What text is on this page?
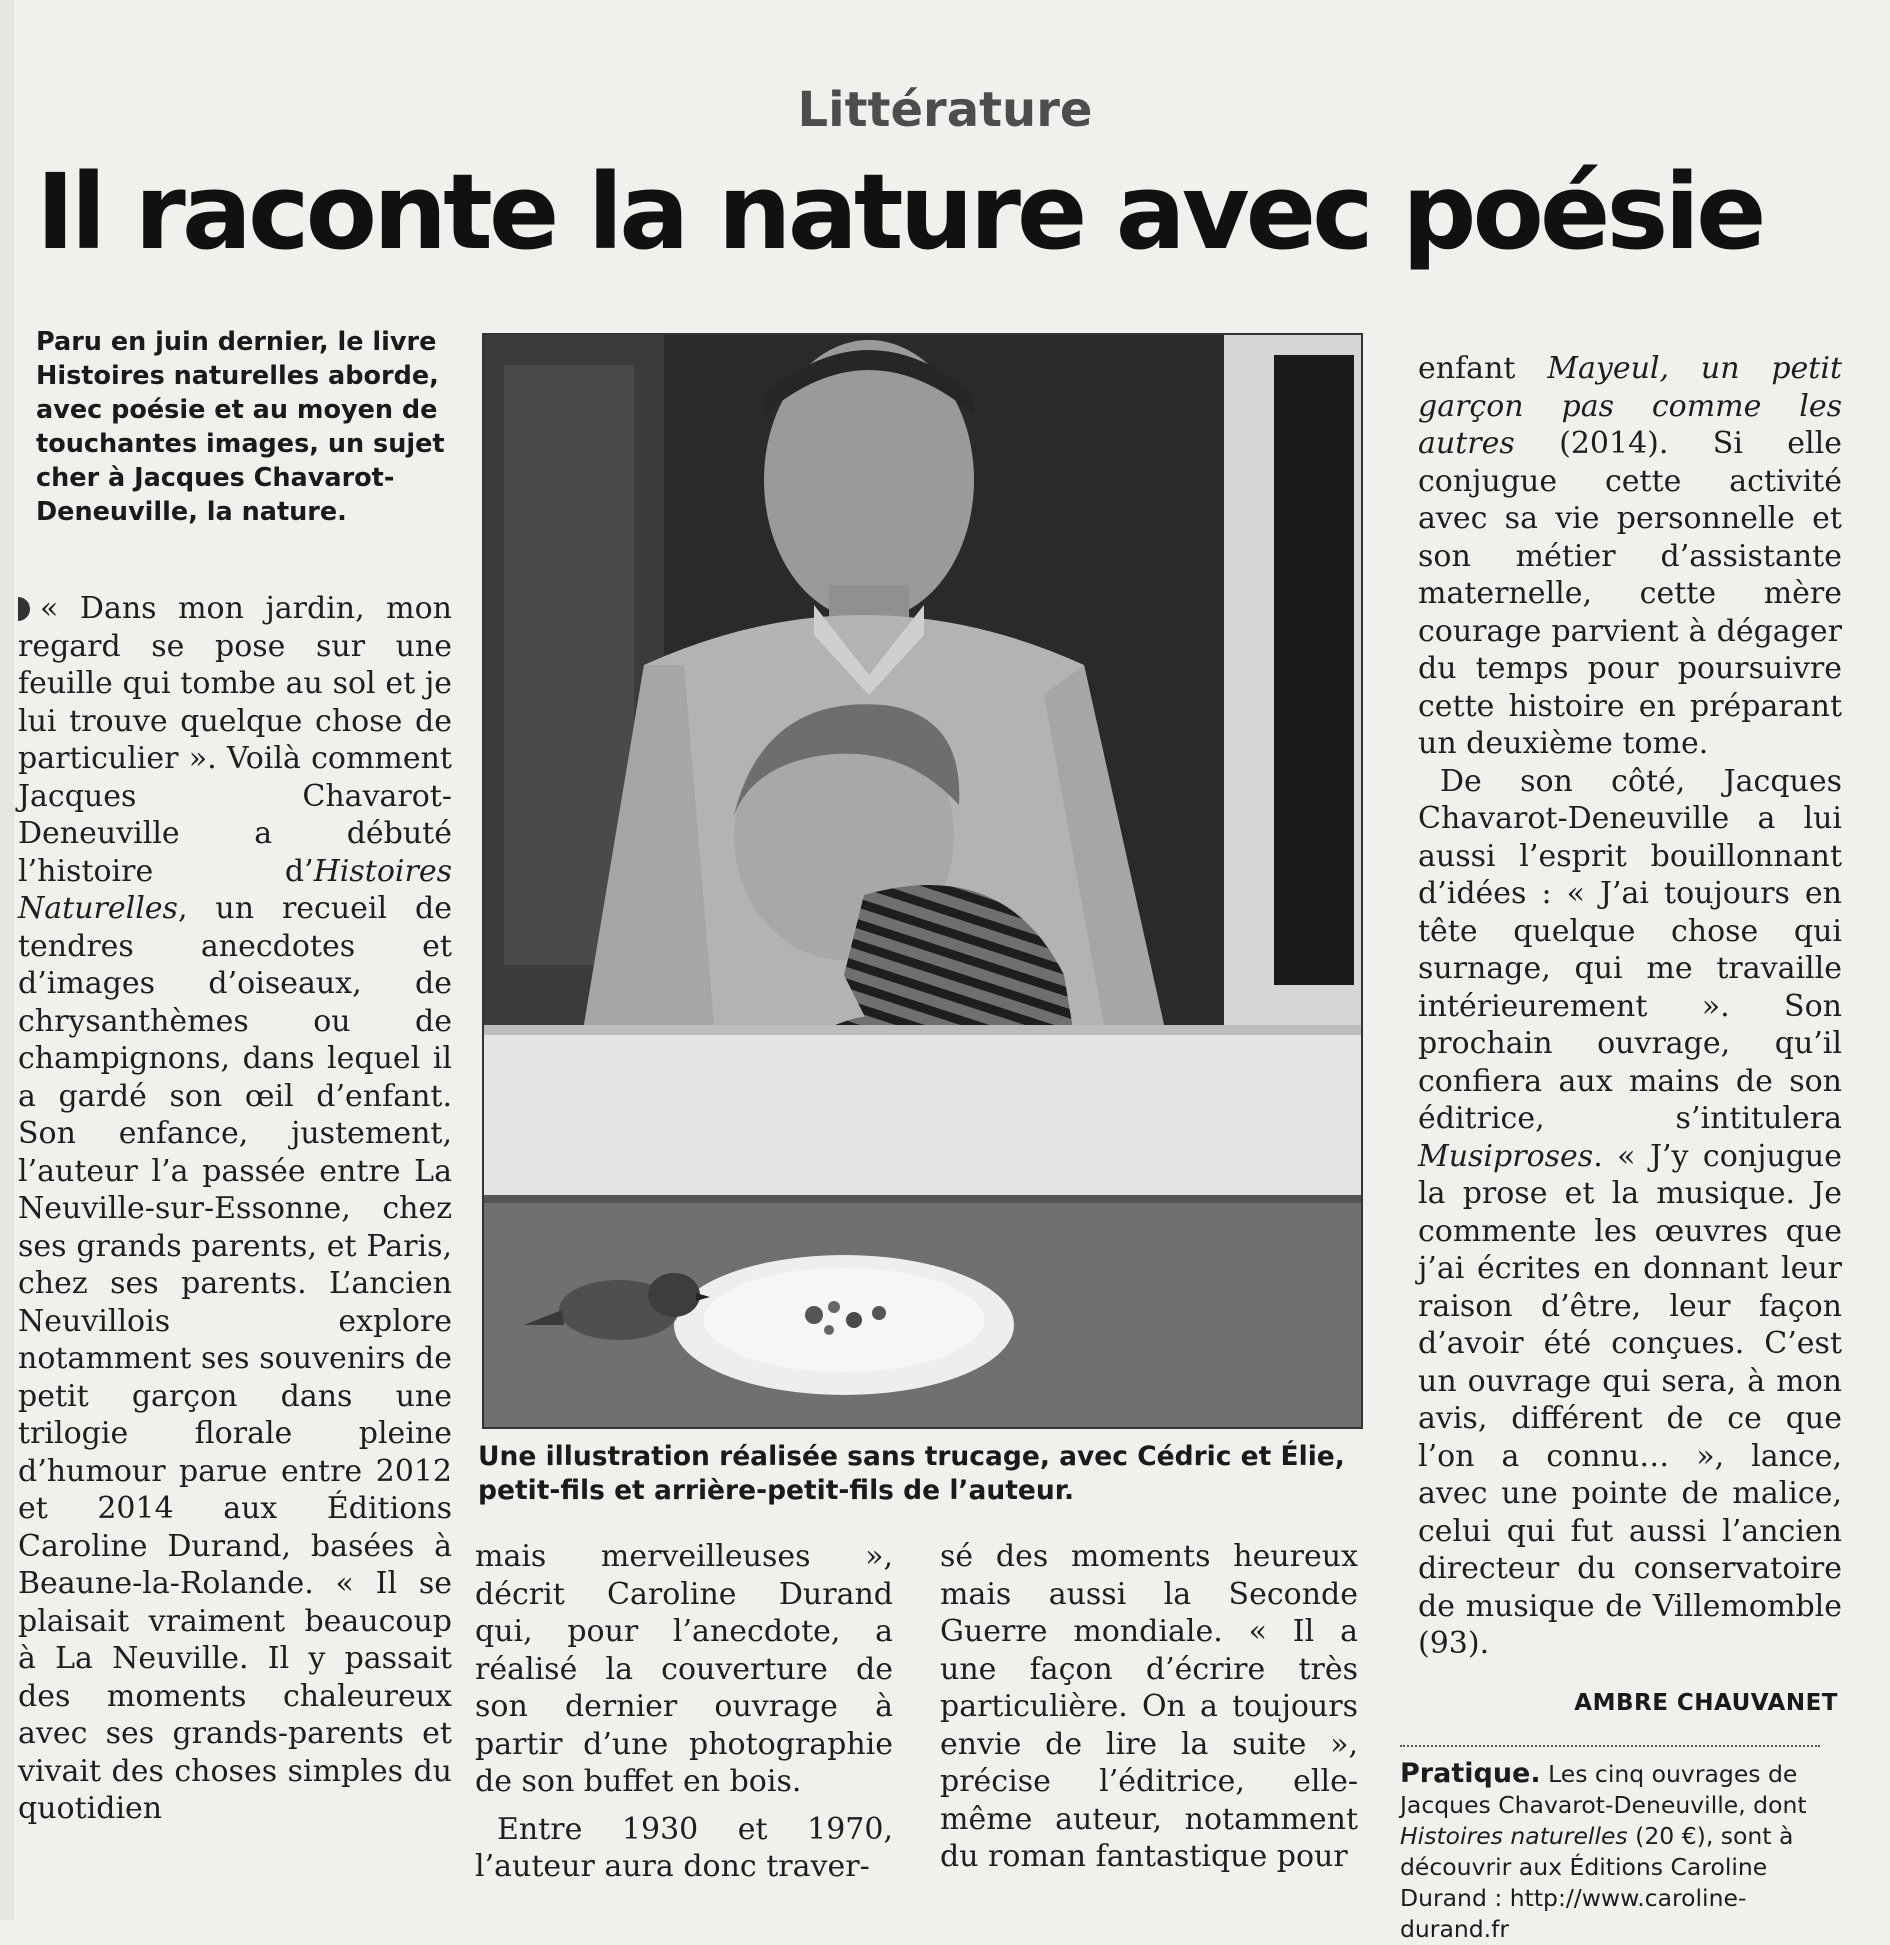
Littérature
Il raconte la nature avec poésie
Paru en juin dernier, le livre Histoires naturelles aborde, avec poésie et au moyen de touchantes images, un sujet cher à Jacques Chavarot-Deneuville, la nature.

« Dans mon jardin, mon regard se pose sur une feuille qui tombe au sol et je lui trouve quelque chose de particulier ». Voilà comment Jacques Chavarot-Deneuville a débuté l’histoire d’Histoires Naturelles, un recueil de tendres anecdotes et d’images d’oiseaux, de chrysanthèmes ou de champignons, dans lequel il a gardé son œil d’enfant. Son enfance, justement, l’auteur l’a passée entre La Neuville-sur-Essonne, chez ses grands parents, et Paris, chez ses parents. L’ancien Neuvillois explore notamment ses souvenirs de petit garçon dans une trilogie florale pleine d’humour parue entre 2012 et 2014 aux Éditions Caroline Durand, basées à Beaune-la-Rolande. « Il se plaisait vraiment beaucoup à La Neuville. Il y passait des moments chaleureux avec ses grands-parents et vivait des choses simples du quotidien

Une illustration réalisée sans trucage, avec Cédric et Élie, petit-fils et arrière-petit-fils de l’auteur.

mais merveilleuses », décrit Caroline Durand qui, pour l’anecdote, a réalisé la couverture de son dernier ouvrage à partir d’une photographie de son buffet en bois.

Entre 1930 et 1970, l’auteur aura donc traver-

sé des moments heureux mais aussi la Seconde Guerre mondiale. « Il a une façon d’écrire très particulière. On a toujours envie de lire la suite », précise l’éditrice, elle-même auteur, notamment du roman fantastique pour

enfant Mayeul, un petit garçon pas comme les autres (2014). Si elle conjugue cette activité avec sa vie personnelle et son métier d’assistante maternelle, cette mère courage parvient à dégager du temps pour poursuivre cette histoire en préparant un deuxième tome.

De son côté, Jacques Chavarot-Deneuville a lui aussi l’esprit bouillonnant d’idées : « J’ai toujours en tête quelque chose qui surnage, qui me travaille intérieurement ». Son prochain ouvrage, qu’il confiera aux mains de son éditrice, s’intitulera Musiproses. « J’y conjugue la prose et la musique. Je commente les œuvres que j’ai écrites en donnant leur raison d’être, leur façon d’avoir été conçues. C’est un ouvrage qui sera, à mon avis, différent de ce que l’on a connu… », lance, avec une pointe de malice, celui qui fut aussi l’ancien directeur du conservatoire de musique de Villemomble (93).

AMBRE CHAUVANET
Pratique. Les cinq ouvrages de Jacques Chavarot-Deneuville, dont Histoires naturelles (20 €), sont à découvrir aux Éditions Caroline Durand : http://www.caroline-durand.fr
